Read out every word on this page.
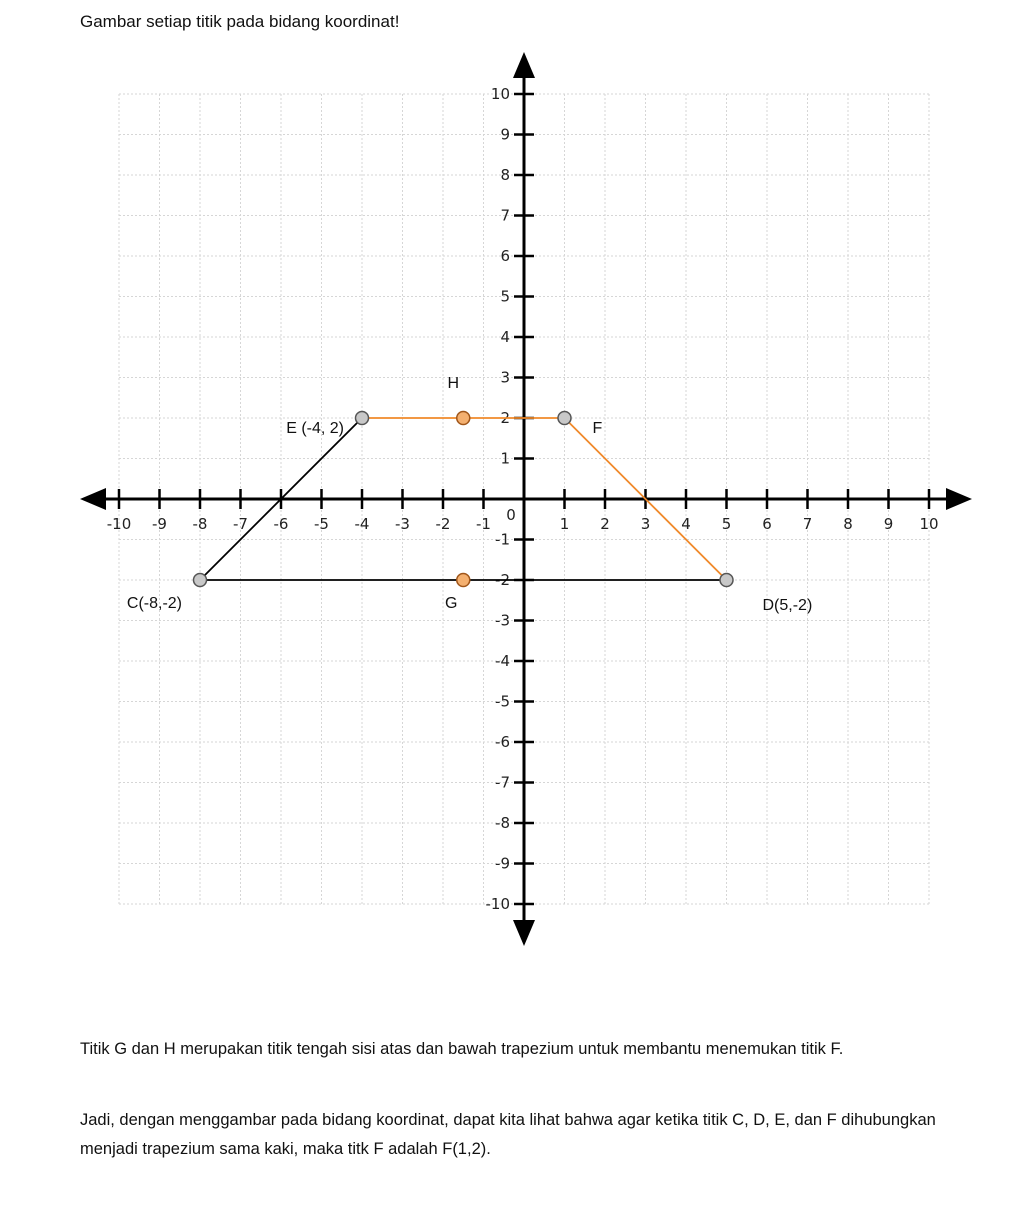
Gambar setiap titik pada bidang koordinat!
-10 -9 -8 -7 -6 -5 -4 -3 -2 -1	1 2 3 4 5 6 7 8 9 10
-10
-9
-8
-7
-6
-5
-4
-3
-2
-1
1
2
3
4
5
6
7
8
9
10
0
E (-4, 2)	F
C(-8,-2)	D(5,-2)
H
G

Titik G dan H merupakan titik tengah sisi atas dan bawah trapezium untuk membantu menemukan titik F.

Jadi, dengan menggambar pada bidang koordinat, dapat kita lihat bahwa agar ketika titik C, D, E, dan F dihubungkan menjadi trapezium sama kaki, maka titk F adalah F(1,2).
